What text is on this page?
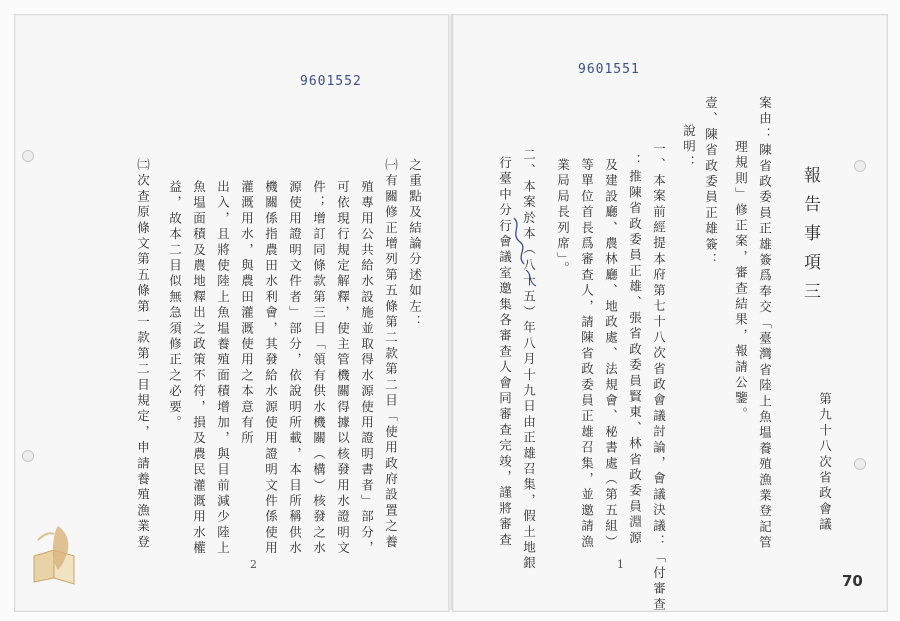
9601552
9601551
報告事項三
第九十八次省政會議
案由：陳省政委員正雄簽爲奉交「臺灣省陸上魚塭養殖漁業登記管
理規則」修正案，審查結果，報請公鑒。
壹、陳省政委員正雄簽：
說明：
一、本案前經提本府第七十八次省政會議討論，會議決議：「付審查
：推陳省政委員正雄、張省政委員賢東、林省政委員淵源
及建設廳、農林廳、地政處、法規會、秘書處（第五組）
等單位首長爲審查人，請陳省政委員正雄召集，並邀請漁
業局局長列席」。
二、本案於本（八十五）年八月十九日由正雄召集，假土地銀
行臺中分行會議室邀集各審查人會同審查完竣，謹將審查
1
70
之重點及結論分述如左：
㈠有關修正增列第五條第二款第二目「使用政府設置之養
殖專用公共給水設施並取得水源使用證明書者」部分，
可依現行規定解釋，使主管機關得據以核發用水證明文
件；增訂同條款第三目「領有供水機關（構）核發之水
源使用證明文件者」部分，依說明所載，本目所稱供水
機關係指農田水利會，其發給水源使用證明文件係使用
灌溉用水，與農田灌溉使用之本意有所
出入，且將使陸上魚塭養殖面積增加，與目前減少陸上
魚塭面積及農地釋出之政策不符，損及農民灌溉用水權
益，故本二目似無急須修正之必要。
㈡次查原條文第五條第一款第二目規定，申請養殖漁業登
2
